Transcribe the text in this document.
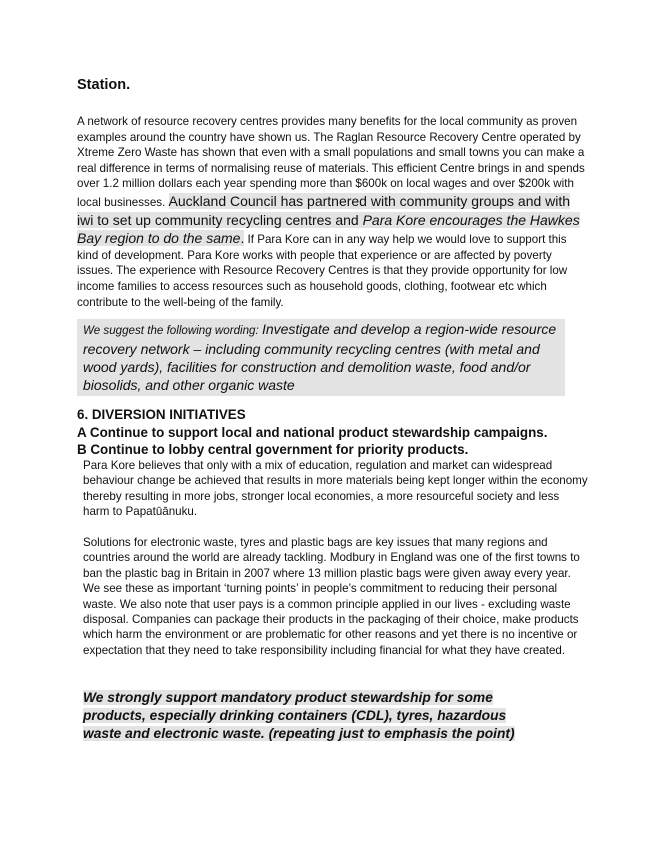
Station.

A network of resource recovery centres provides many benefits for the local community as proven examples around the country have shown us. The Raglan Resource Recovery Centre operated by Xtreme Zero Waste has shown that even with a small populations and small towns you can make a real difference in terms of normalising reuse of materials. This efficient Centre brings in and spends over 1.2 million dollars each year spending more than $600k on local wages and over $200k with local businesses. Auckland Council has partnered with community groups and with iwi to set up community recycling centres and Para Kore encourages the Hawkes Bay region to do the same. If Para Kore can in any way help we would love to support this kind of development. Para Kore works with people that experience or are affected by poverty issues. The experience with Resource Recovery Centres is that they provide opportunity for low income families to access resources such as household goods, clothing, footwear etc which contribute to the well-being of the family.

We suggest the following wording: Investigate and develop a region-wide resource recovery network – including community recycling centres (with metal and wood yards), facilities for construction and demolition waste, food and/or biosolids, and other organic waste
6. DIVERSION INITIATIVES
A Continue to support local and national product stewardship campaigns.
B Continue to lobby central government for priority products.

Para Kore believes that only with a mix of education, regulation and market can widespread behaviour change be achieved that results in more materials being kept longer within the economy thereby resulting in more jobs, stronger local economies, a more resourceful society and less harm to Papatūānuku.

Solutions for electronic waste, tyres and plastic bags are key issues that many regions and countries around the world are already tackling. Modbury in England was one of the first towns to ban the plastic bag in Britain in 2007 where 13 million plastic bags were given away every year. We see these as important ‘turning points’ in people’s commitment to reducing their personal waste. We also note that user pays is a common principle applied in our lives - excluding waste disposal. Companies can package their products in the packaging of their choice, make products which harm the environment or are problematic for other reasons and yet there is no incentive or expectation that they need to take responsibility including financial for what they have created.

We strongly support mandatory product stewardship for some products, especially drinking containers (CDL), tyres, hazardous waste and electronic waste. (repeating just to emphasis the point)
